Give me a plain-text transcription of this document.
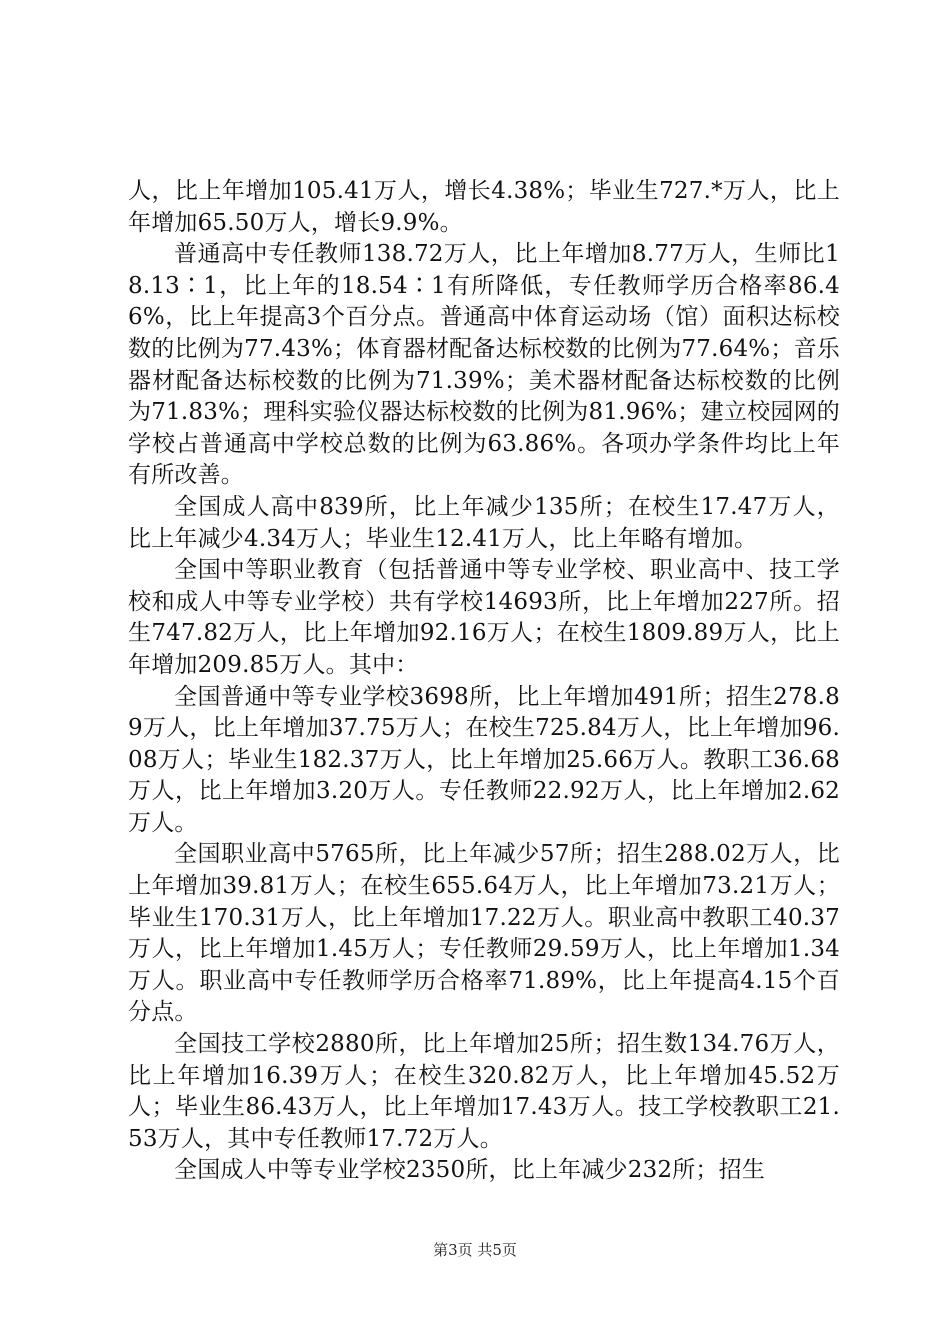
人，比上年增加105.41万人，增长4.38%；毕业生727.*万人，比上年增加65.50万人，增长9.9%。

普通高中专任教师138.72万人，比上年增加8.77万人，生师比18.13∶1，比上年的18.54∶1有所降低，专任教师学历合格率86.46%，比上年提高3个百分点。普通高中体育运动场（馆）面积达标校数的比例为77.43%；体育器材配备达标校数的比例为77.64%；音乐器材配备达标校数的比例为71.39%；美术器材配备达标校数的比例为71.83%；理科实验仪器达标校数的比例为81.96%；建立校园网的学校占普通高中学校总数的比例为63.86%。各项办学条件均比上年有所改善。

全国成人高中839所，比上年减少135所；在校生17.47万人，比上年减少4.34万人；毕业生12.41万人，比上年略有增加。

全国中等职业教育（包括普通中等专业学校、职业高中、技工学校和成人中等专业学校）共有学校14693所，比上年增加227所。招生747.82万人，比上年增加92.16万人；在校生1809.89万人，比上年增加209.85万人。其中：

全国普通中等专业学校3698所，比上年增加491所；招生278.89万人，比上年增加37.75万人；在校生725.84万人，比上年增加96.08万人；毕业生182.37万人，比上年增加25.66万人。教职工36.68万人，比上年增加3.20万人。专任教师22.92万人，比上年增加2.62万人。

全国职业高中5765所，比上年减少57所；招生288.02万人，比上年增加39.81万人；在校生655.64万人，比上年增加73.21万人；毕业生170.31万人，比上年增加17.22万人。职业高中教职工40.37万人，比上年增加1.45万人；专任教师29.59万人，比上年增加1.34万人。职业高中专任教师学历合格率71.89%，比上年提高4.15个百分点。

全国技工学校2880所，比上年增加25所；招生数134.76万人，比上年增加16.39万人；在校生320.82万人，比上年增加45.52万人；毕业生86.43万人，比上年增加17.43万人。技工学校教职工21.53万人，其中专任教师17.72万人。

全国成人中等专业学校2350所，比上年减少232所；招生

第3页 共5页
